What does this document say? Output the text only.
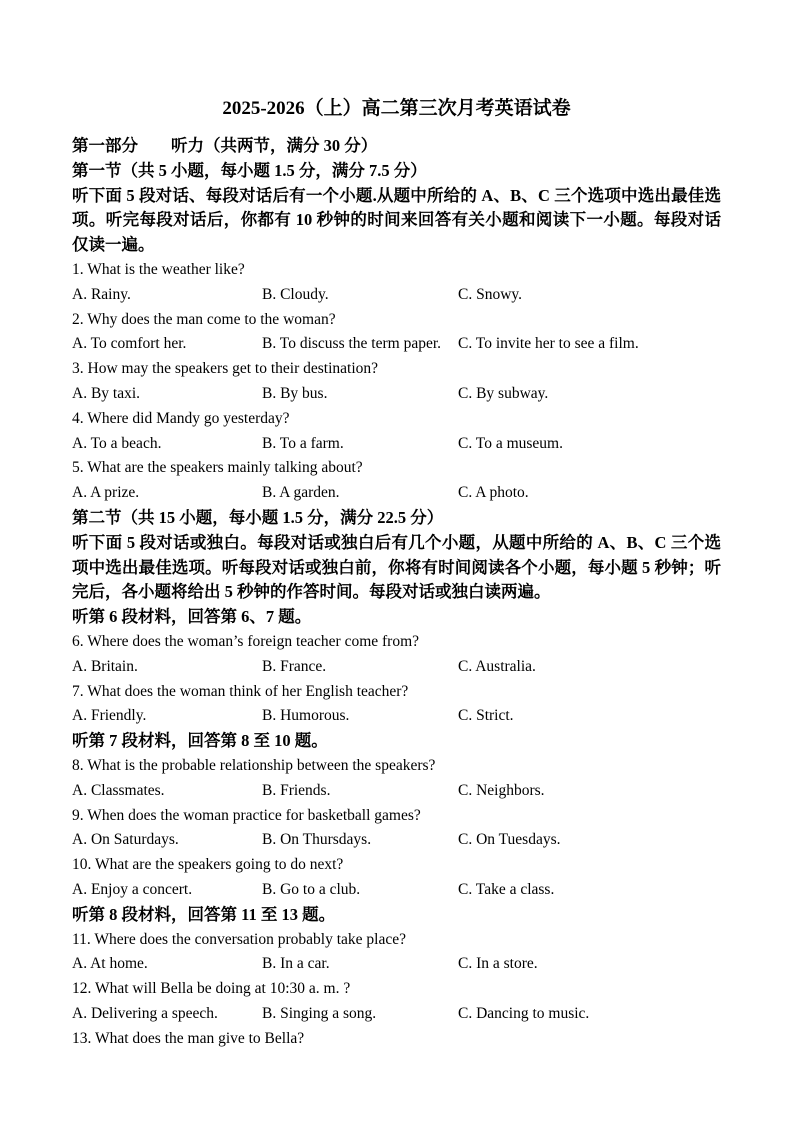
2025-2026（上）高二第三次月考英语试卷
第一部分　　听力（共两节，满分 30 分）
第一节（共 5 小题，每小题 1.5 分，满分 7.5 分）
听下面 5 段对话、每段对话后有一个小题.从题中所给的 A、B、C 三个选项中选出最佳选项。听完每段对话后，你都有 10 秒钟的时间来回答有关小题和阅读下一小题。每段对话仅读一遍。
1. What is the weather like?
A. Rainy.	B. Cloudy.	C. Snowy.
2. Why does the man come to the woman?
A. To comfort her.	B. To discuss the term paper.	C. To invite her to see a film.
3. How may the speakers get to their destination?
A. By taxi.	B. By bus.	C. By subway.
4. Where did Mandy go yesterday?
A. To a beach.	B. To a farm.	C. To a museum.
5. What are the speakers mainly talking about?
A. A prize.	B. A garden.	C. A photo.
第二节（共 15 小题，每小题 1.5 分，满分 22.5 分）
听下面 5 段对话或独白。每段对话或独白后有几个小题，从题中所给的 A、B、C 三个选项中选出最佳选项。听每段对话或独白前，你将有时间阅读各个小题，每小题 5 秒钟；听完后，各小题将给出 5 秒钟的作答时间。每段对话或独白读两遍。
听第 6 段材料，回答第 6、7 题。
6. Where does the woman’s foreign teacher come from?
A. Britain.	B. France.	C. Australia.
7. What does the woman think of her English teacher?
A. Friendly.	B. Humorous.	C. Strict.
听第 7 段材料，回答第 8 至 10 题。
8. What is the probable relationship between the speakers?
A. Classmates.	B. Friends.	C. Neighbors.
9. When does the woman practice for basketball games?
A. On Saturdays.	B. On Thursdays.	C. On Tuesdays.
10. What are the speakers going to do next?
A. Enjoy a concert.	B. Go to a club.	C. Take a class.
听第 8 段材料，回答第 11 至 13 题。
11. Where does the conversation probably take place?
A. At home.	B. In a car.	C. In a store.
12. What will Bella be doing at 10:30 a. m. ?
A. Delivering a speech.	B. Singing a song.	C. Dancing to music.
13. What does the man give to Bella?
